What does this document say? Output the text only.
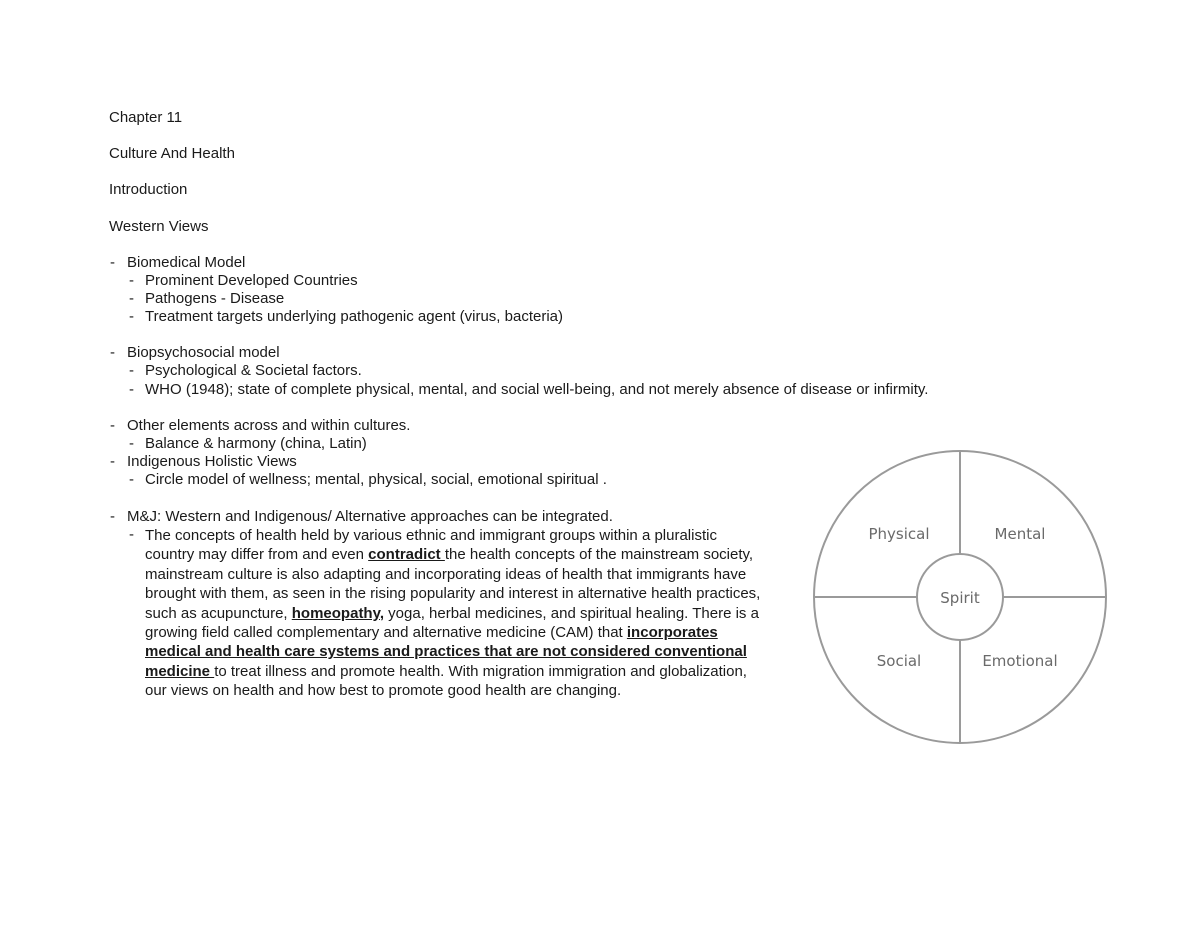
Chapter 11
Culture And Health
Introduction
Western Views
- Biomedical Model
- Prominent Developed Countries
- Pathogens - Disease
- Treatment targets underlying pathogenic agent (virus, bacteria)
- Biopsychosocial model
- Psychological & Societal factors.
- WHO (1948); state of complete physical, mental, and social well-being, and not merely absence of disease or infirmity.
- Other elements across and within cultures.
- Balance & harmony (china, Latin)
- Indigenous Holistic Views
- Circle model of wellness; mental, physical, social, emotional spiritual .
- M&J: Western and Indigenous/ Alternative approaches can be integrated.
- The concepts of health held by various ethnic and immigrant groups within a pluralistic country may differ from and even contradict the health concepts of the mainstream society, mainstream culture is also adapting and incorporating ideas of health that immigrants have brought with them, as seen in the rising popularity and interest in alternative health practices, such as acupuncture, homeopathy, yoga, herbal medicines, and spiritual healing. There is a growing field called complementary and alternative medicine (CAM) that incorporates medical and health care systems and practices that are not considered conventional medicine to treat illness and promote health. With migration immigration and globalization, our views on health and how best to promote good health are changing.
Physical	Mental
Social	Emotional
Spirit
